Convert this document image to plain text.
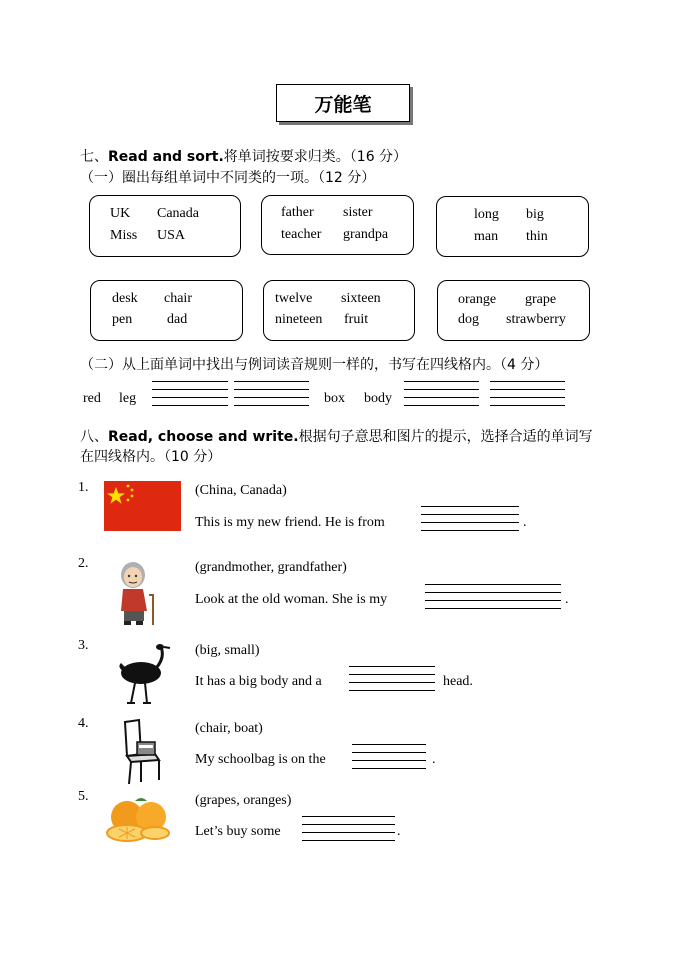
万能笔
七、Read and sort.将单词按要求归类。（16 分）
（一）圈出每组单词中不同类的一项。（12 分）
UK Canada
Miss USA
father sister
teacher grandpa
long big
man thin
desk chair
pen dad
twelve sixteen
nineteen fruit
orange grape
dog strawberry
（二）从上面单词中找出与例词读音规则一样的，书写在四线格内。（4 分）
red leg	box body
八、Read, choose and write.根据句子意思和图片的提示，选择合适的单词写
在四线格内。（10 分）
1.	(China, Canada)
This is my new friend. He is from	.
2.	(grandmother, grandfather)
Look at the old woman. She is my	.
3.	(big, small)
It has a big body and a	head.
4.	(chair, boat)
My schoolbag is on the	.
5.	(grapes, oranges)
Let’s buy some	.
